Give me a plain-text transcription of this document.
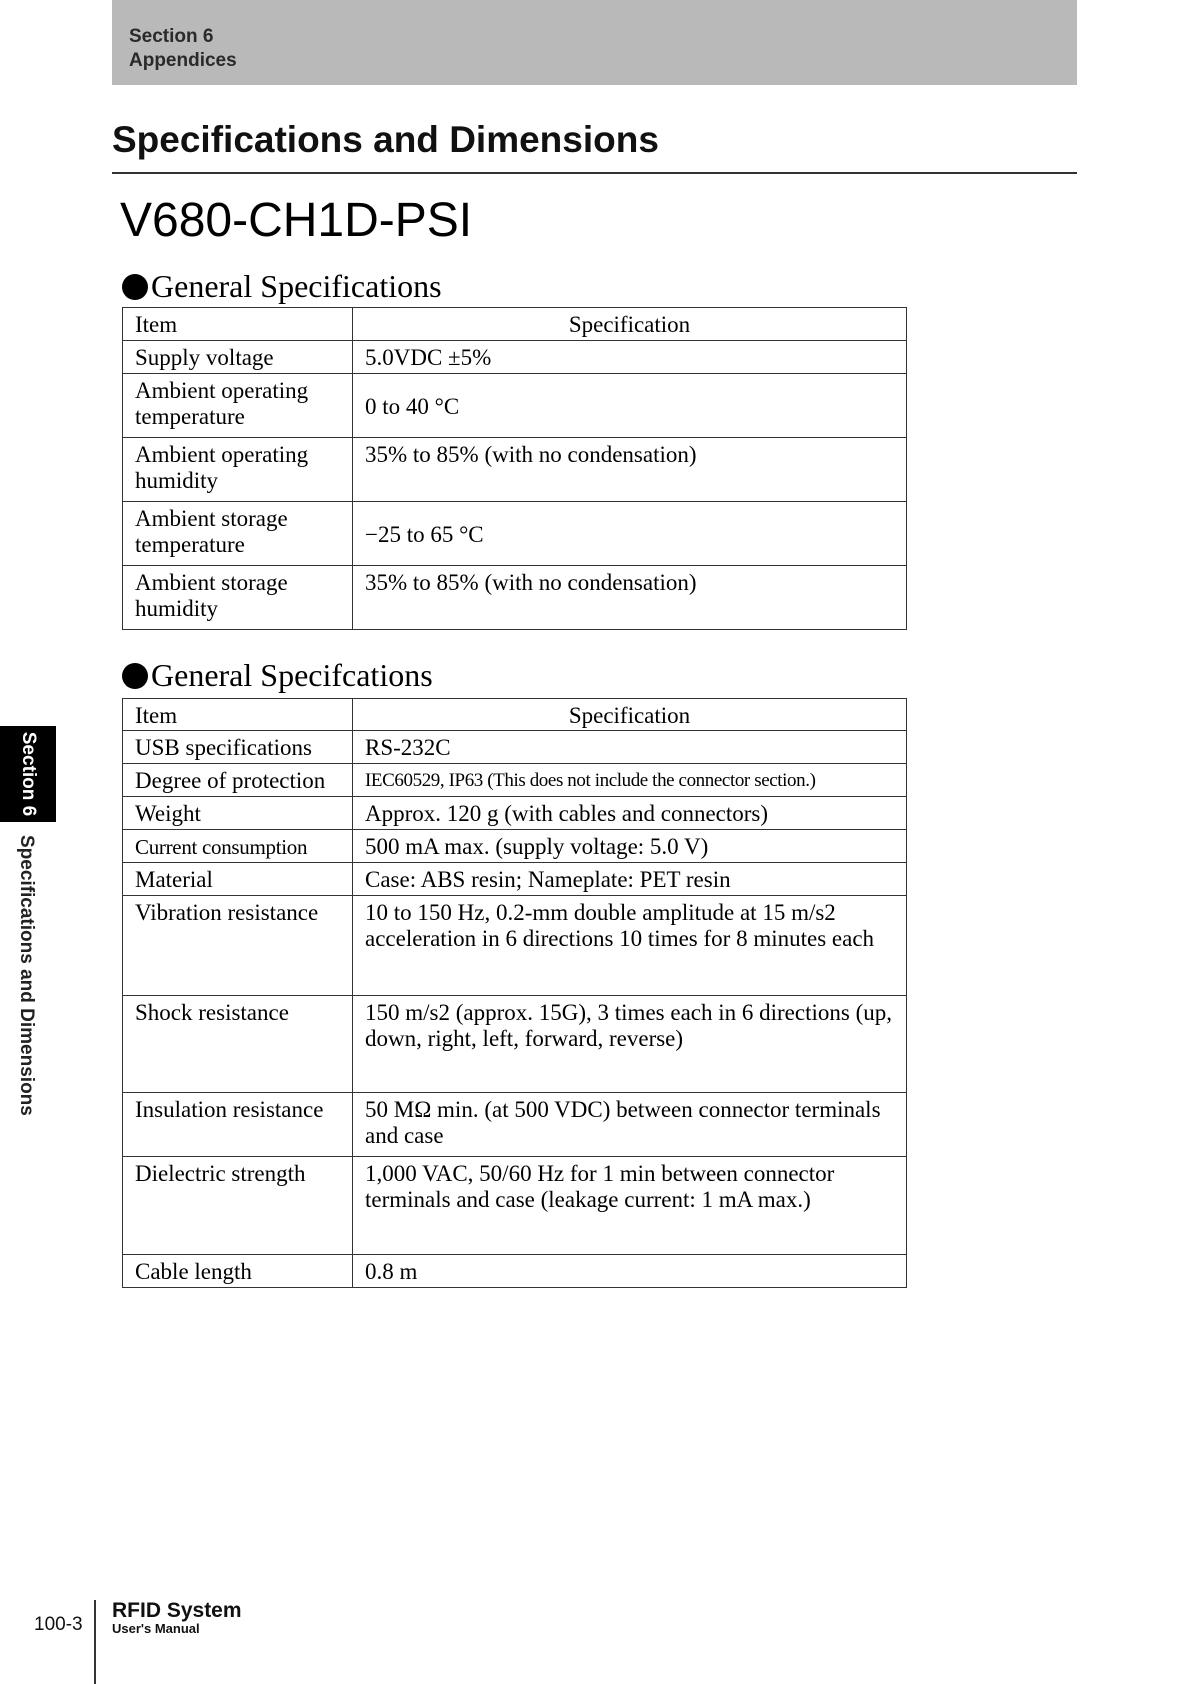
Section 6
Appendices
Specifications and Dimensions
V680-CH1D-PSI
General Specifications
Item	Specification
Supply voltage	5.0VDC ±5%
Ambient operating temperature	0 to 40 °C
Ambient operating humidity	35% to 85% (with no condensation)
Ambient storage temperature	−25 to 65 °C
Ambient storage humidity	35% to 85% (with no condensation)
General Specifcations
Item	Specification
USB specifications	RS-232C
Degree of protection	IEC60529, IP63 (This does not include the connector section.)
Weight	Approx. 120 g (with cables and connectors)
Current consumption	500 mA max. (supply voltage: 5.0 V)
Material	Case: ABS resin; Nameplate: PET resin
Vibration resistance	10 to 150 Hz, 0.2-mm double amplitude at 15 m/s2 acceleration in 6 directions 10 times for 8 minutes each
Shock resistance	150 m/s2 (approx. 15G), 3 times each in 6 directions (up, down, right, left, forward, reverse)
Insulation resistance	50 MΩ min. (at 500 VDC) between connector terminals and case
Dielectric strength	1,000 VAC, 50/60 Hz for 1 min between connector terminals and case (leakage current: 1 mA max.)
Cable length	0.8 m
Section 6
Specifications and Dimensions
100-3
RFID System
User's Manual
